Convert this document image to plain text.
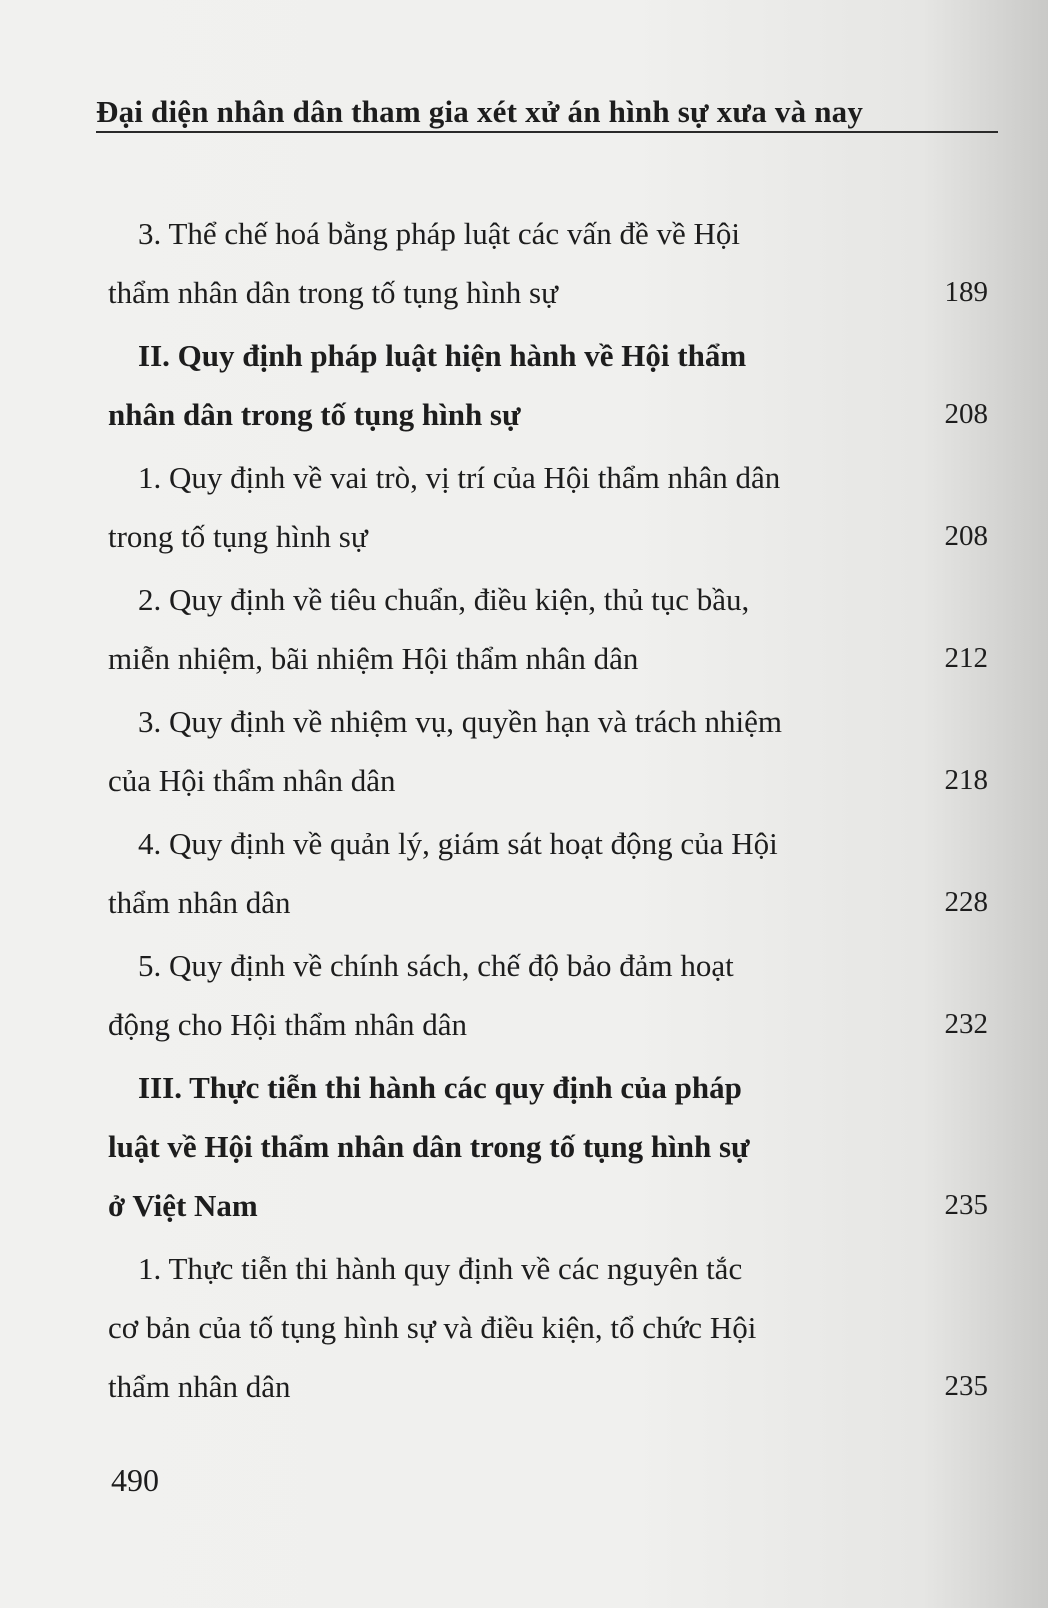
Đại diện nhân dân tham gia xét xử án hình sự xưa và nay
3. Thể chế hoá bằng pháp luật các vấn đề về Hội
thẩm nhân dân trong tố tụng hình sự	189
II. Quy định pháp luật hiện hành về Hội thẩm
nhân dân trong tố tụng hình sự	208
1. Quy định về vai trò, vị trí của Hội thẩm nhân dân
trong tố tụng hình sự	208
2. Quy định về tiêu chuẩn, điều kiện, thủ tục bầu,
miễn nhiệm, bãi nhiệm Hội thẩm nhân dân	212
3. Quy định về nhiệm vụ, quyền hạn và trách nhiệm
của Hội thẩm nhân dân	218
4. Quy định về quản lý, giám sát hoạt động của Hội
thẩm nhân dân	228
5. Quy định về chính sách, chế độ bảo đảm hoạt
động cho Hội thẩm nhân dân	232
III. Thực tiễn thi hành các quy định của pháp
luật về Hội thẩm nhân dân trong tố tụng hình sự
ở Việt Nam	235
1. Thực tiễn thi hành quy định về các nguyên tắc
cơ bản của tố tụng hình sự và điều kiện, tổ chức Hội
thẩm nhân dân	235
490
